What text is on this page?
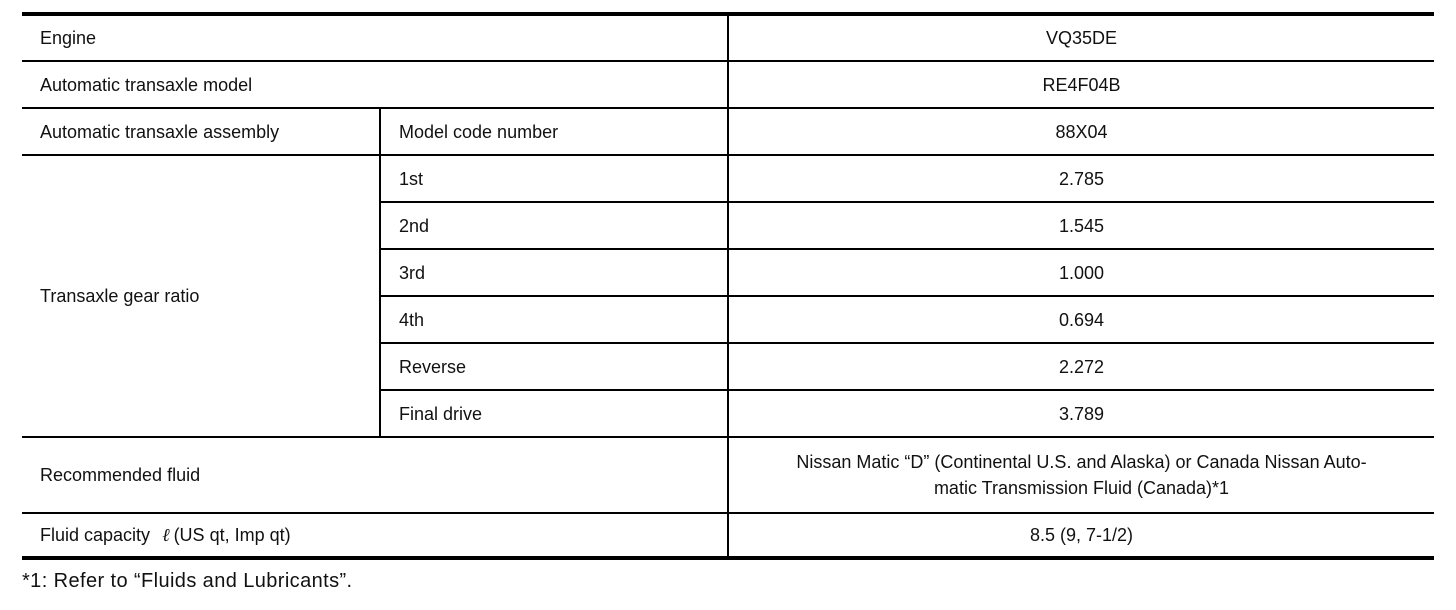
Engine		VQ35DE
Automatic transaxle model		RE4F04B
Automatic transaxle assembly	Model code number	88X04
Transaxle gear ratio	1st	2.785
	2nd	1.545
	3rd	1.000
	4th	0.694
	Reverse	2.272
	Final drive	3.789
Recommended fluid		Nissan Matic “D” (Continental U.S. and Alaska) or Canada Nissan Auto-
matic Transmission Fluid (Canada)*1
Fluid capacity ℓ (US qt, Imp qt)		8.5 (9, 7-1/2)

*1: Refer to “Fluids and Lubricants”.
